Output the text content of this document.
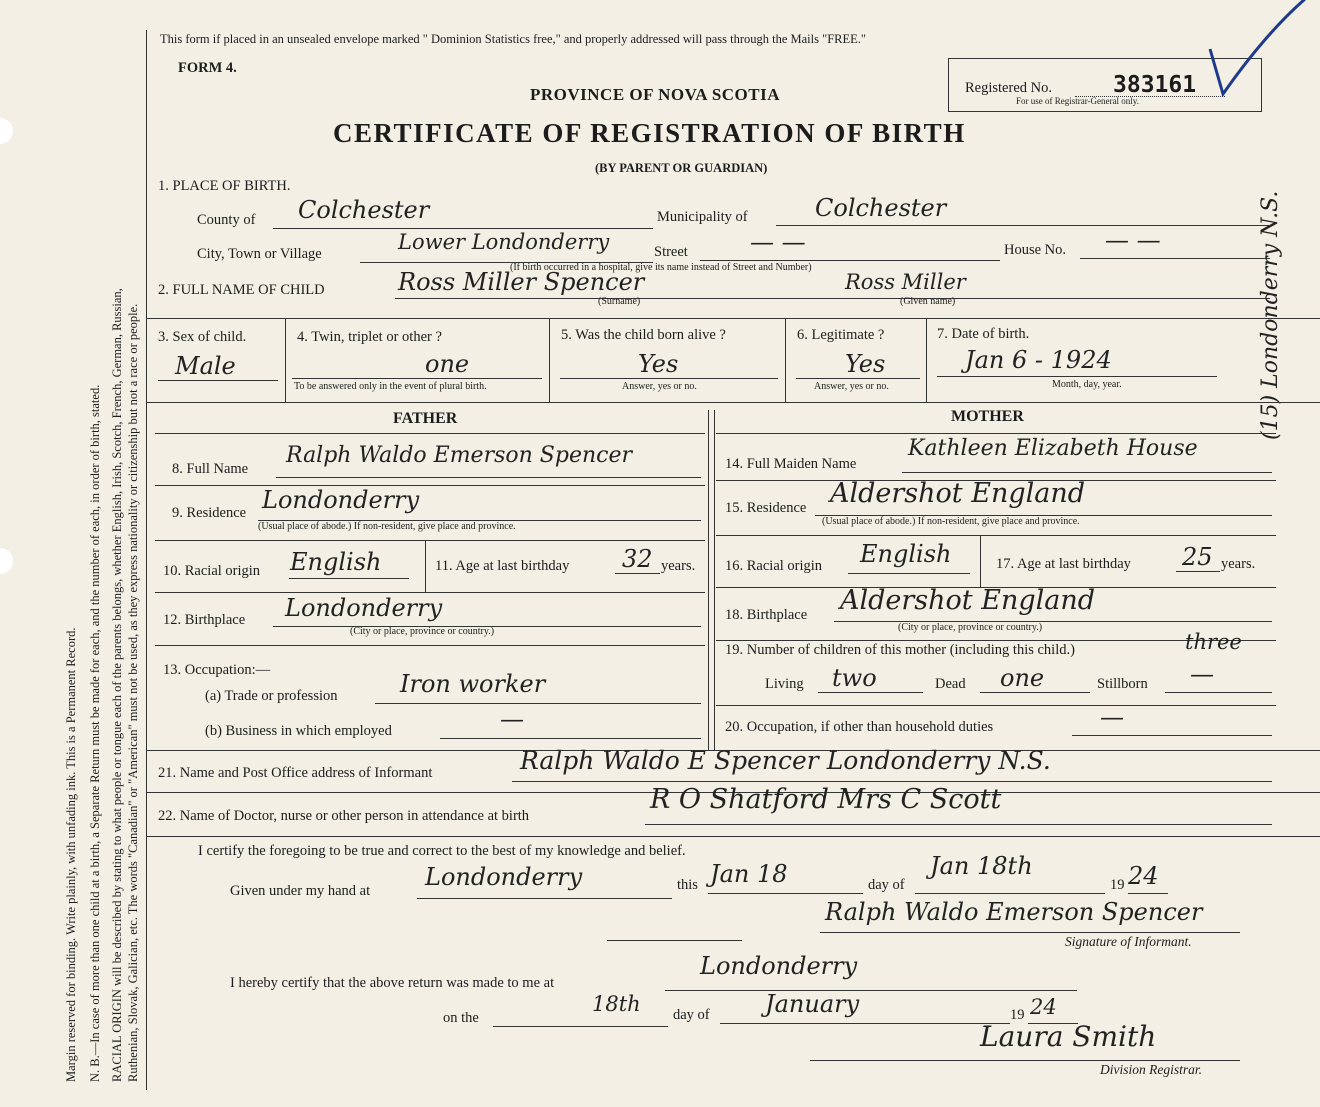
Margin reserved for binding. Write plainly, with unfading ink. This is a Permanent Record. N. B.—In case of more than one child at a birth, a Separate Return must be made for each, and the number of each, in order of birth, stated. RACIAL ORIGIN will be described by stating to what people or tongue each of the parents belongs, whether English, Irish, Scotch, French, German, Russian, Ruthenian, Slovak, Galician, etc. The words "Canadian" or "American" must not be used, as they express nationality or citizenship but not a race or people.
This form if placed in an unsealed envelope marked " Dominion Statistics free," and properly addressed will pass through the Mails "FREE."
FORM 4.
PROVINCE OF NOVA SCOTIA
CERTIFICATE OF REGISTRATION OF BIRTH
(BY PARENT OR GUARDIAN)
Registered No.	383161
For use of Registrar-General only.
(15) Londonderry N.S.
1. PLACE OF BIRTH.
County of Colchester	Municipality of	Colchester
City, Town or Village	Lower Londonderry	Street	— —	House No. — —
(If birth occurred in a hospital, give its name instead of Street and Number)
2. FULL NAME OF CHILD	Ross Miller Spencer	Ross Miller
(Surname)	(Given name)
3. Sex of child.
Male
4. Twin, triplet or other ?
one
To be answered only in the event of plural birth.
5. Was the child born alive ?
Yes
Answer, yes or no.
6. Legitimate ?
Yes
Answer, yes or no.
7. Date of birth.
Jan 6 - 1924
Month, day, year.
FATHER	MOTHER
8. Full Name
Ralph Waldo Emerson Spencer
9. Residence Londonderry
(Usual place of abode.) If non-resident, give place and province.
10. Racial origin English	11. Age at last birthday 32 years.
12. Birthplace Londonderry
(City or place, province or country.)
13. Occupation:—
(a) Trade or profession	Iron worker
(b) Business in which employed	—
14. Full Maiden Name
Kathleen Elizabeth House
15. Residence Aldershot England
(Usual place of abode.) If non-resident, give place and province.
16. Racial origin English	17. Age at last birthday 25 years.
18. Birthplace Aldershot England
(City or place, province or country.)
19. Number of children of this mother (including this child.)	three
Living two	Dead one	Stillborn —
20. Occupation, if other than household duties	—
21. Name and Post Office address of Informant	Ralph Waldo E Spencer Londonderry N.S.
22. Name of Doctor, nurse or other person in attendance at birth
R O Shatford Mrs C Scott
I certify the foregoing to be true and correct to the best of my knowledge and belief.
Given under my hand at Londonderry	this Jan 18	day of
Jan 18th
19 24
Ralph Waldo Emerson Spencer
Signature of Informant.
I hereby certify that the above return was made to me at
Londonderry
on the
18th day of January	19 24
Laura Smith
Division Registrar.
